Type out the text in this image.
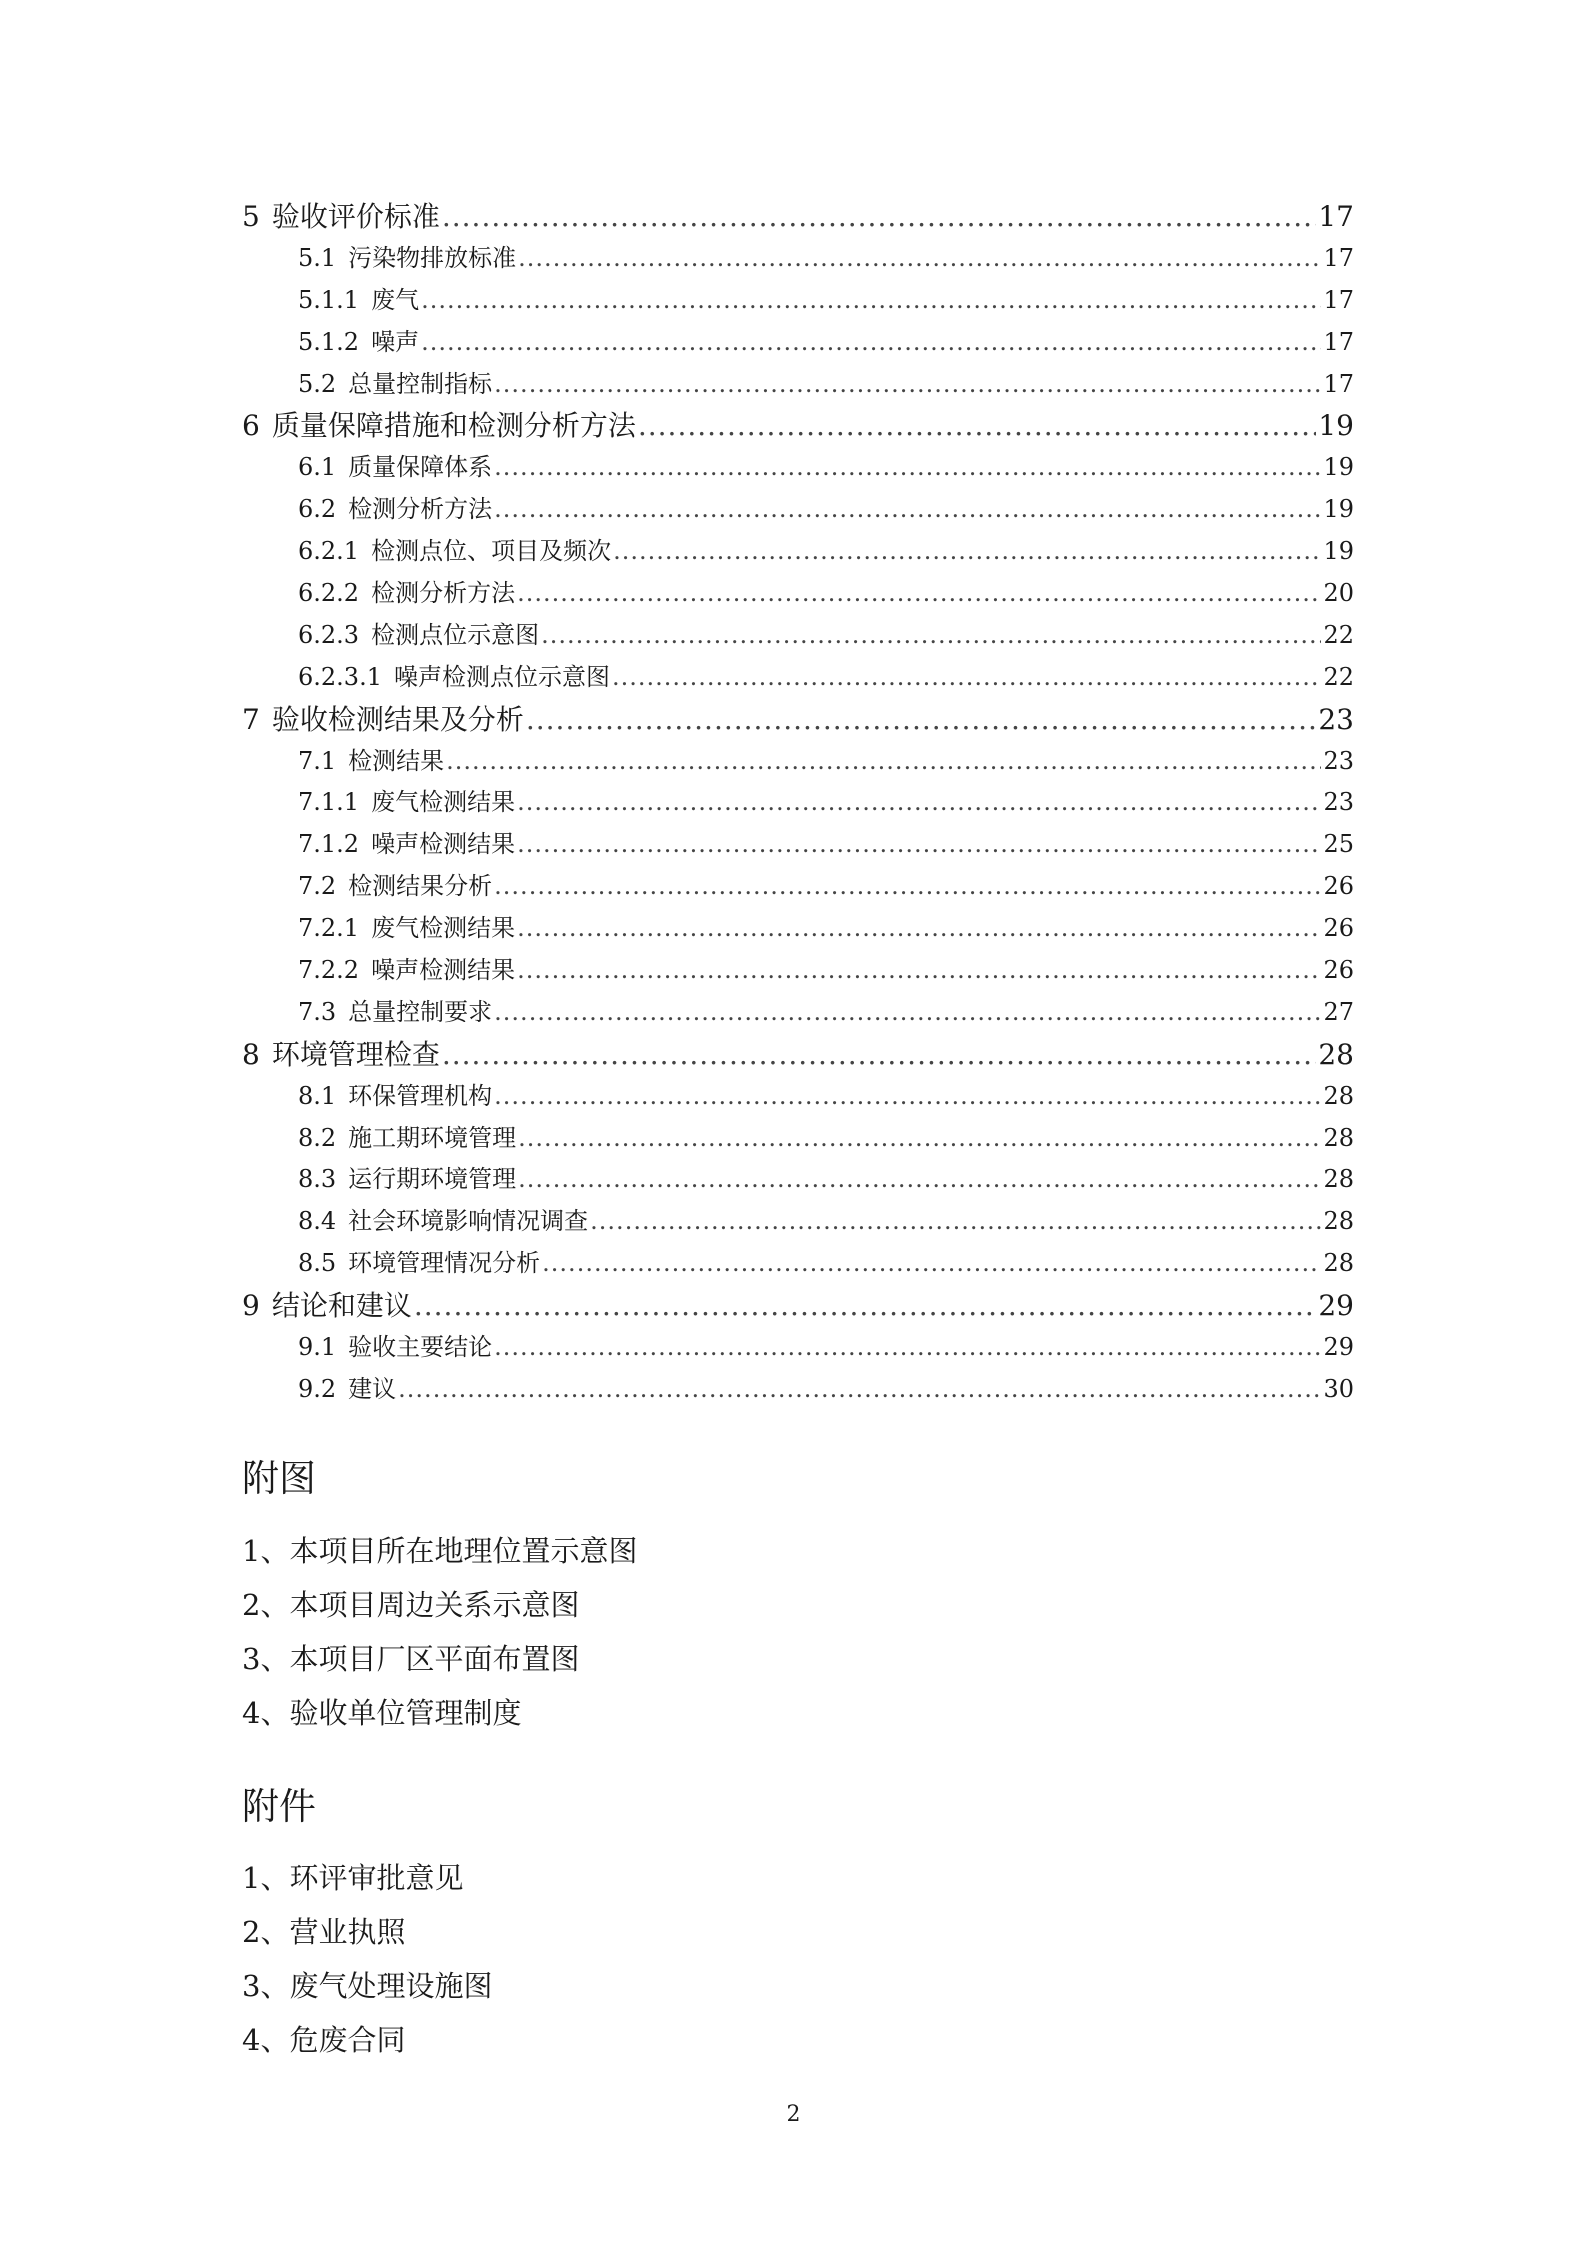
5 验收评价标准 .....	17
5.1 污染物排放标准 .....	17
5.1.1 废气 .....	17
5.1.2 噪声 .....	17
5.2 总量控制指标 .....	17
6 质量保障措施和检测分析方法 .....	19
6.1 质量保障体系 .....	19
6.2 检测分析方法 .....	19
6.2.1 检测点位、项目及频次 .....	19
6.2.2 检测分析方法 .....	20
6.2.3 检测点位示意图 .....	22
6.2.3.1 噪声检测点位示意图 .....	22
7 验收检测结果及分析 .....	23
7.1 检测结果 .....	23
7.1.1 废气检测结果 .....	23
7.1.2 噪声检测结果 .....	25
7.2 检测结果分析 .....	26
7.2.1 废气检测结果 .....	26
7.2.2 噪声检测结果 .....	26
7.3 总量控制要求 .....	27
8 环境管理检查 .....	28
8.1 环保管理机构 .....	28
8.2 施工期环境管理 .....	28
8.3 运行期环境管理 .....	28
8.4 社会环境影响情况调查 .....	28
8.5 环境管理情况分析 .....	28
9 结论和建议 .....	29
9.1 验收主要结论 .....	29
9.2 建议 .....	30
附图
1、本项目所在地理位置示意图
2、本项目周边关系示意图
3、本项目厂区平面布置图
4、验收单位管理制度
附件
1、环评审批意见
2、营业执照
3、废气处理设施图
4、危废合同
2
